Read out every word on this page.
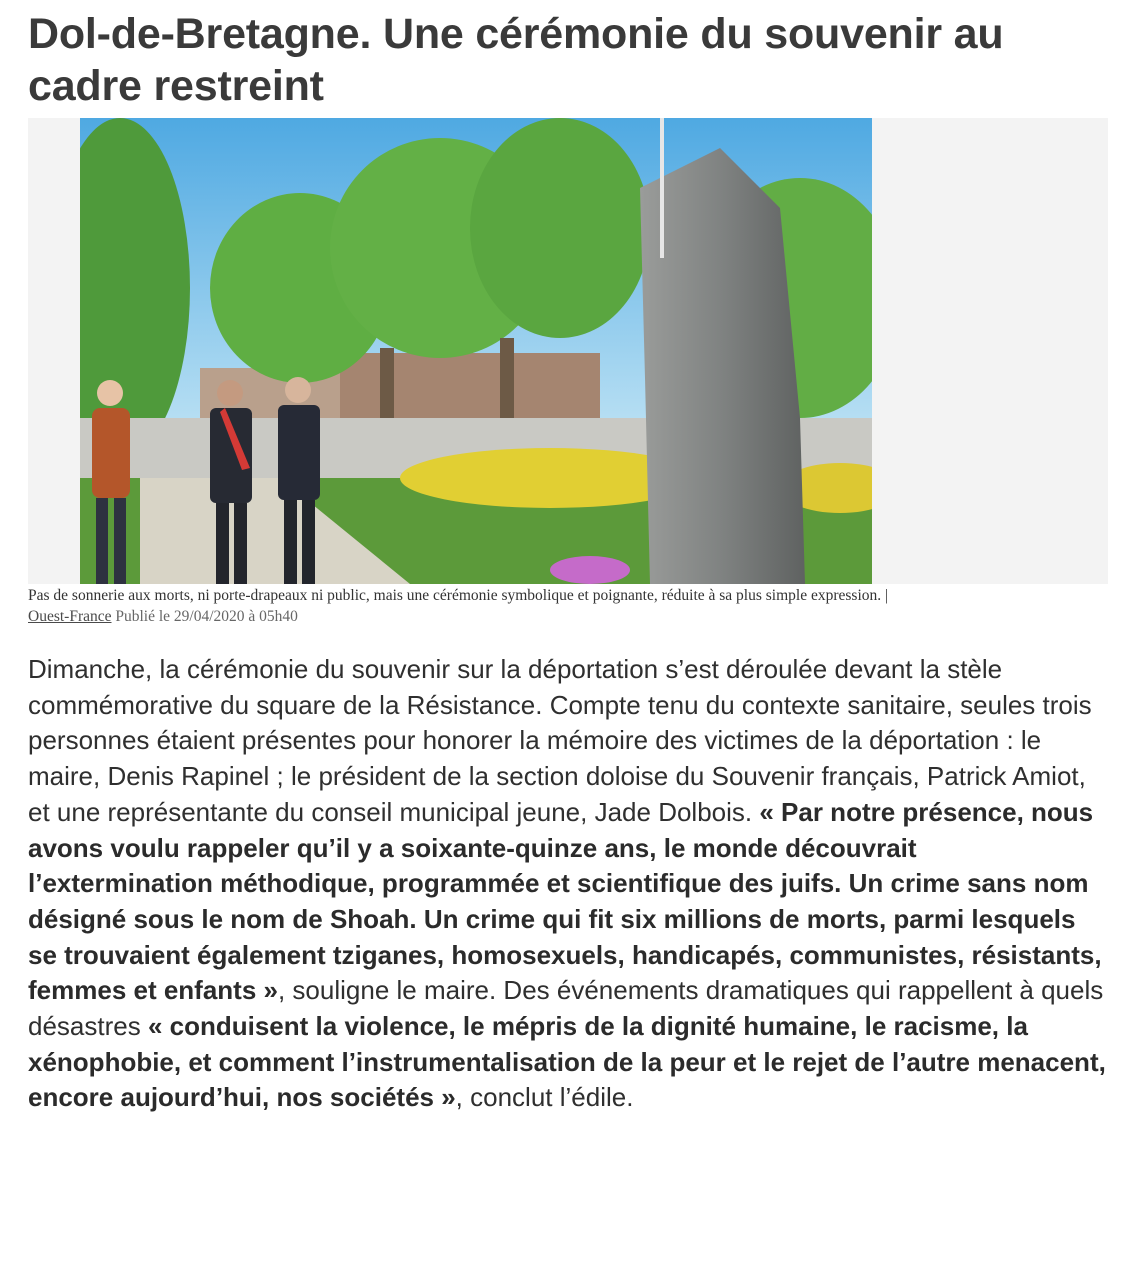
Dol-de-Bretagne. Une cérémonie du souvenir au cadre restreint

Pas de sonnerie aux morts, ni porte-drapeaux ni public, mais une cérémonie symbolique et poignante, réduite à sa plus simple expression. |

Ouest-France Publié le 29/04/2020 à 05h40

Dimanche, la cérémonie du souvenir sur la déportation s’est déroulée devant la stèle commémorative du square de la Résistance. Compte tenu du contexte sanitaire, seules trois personnes étaient présentes pour honorer la mémoire des victimes de la déportation : le maire, Denis Rapinel ; le président de la section doloise du Souvenir français, Patrick Amiot, et une représentante du conseil municipal jeune, Jade Dolbois. « Par notre présence, nous avons voulu rappeler qu’il y a soixante-quinze ans, le monde découvrait l’extermination méthodique, programmée et scientifique des juifs. Un crime sans nom désigné sous le nom de Shoah. Un crime qui fit six millions de morts, parmi lesquels se trouvaient également tziganes, homosexuels, handicapés, communistes, résistants, femmes et enfants », souligne le maire. Des événements dramatiques qui rappellent à quels désastres « conduisent la violence, le mépris de la dignité humaine, le racisme, la xénophobie, et comment l’instrumentalisation de la peur et le rejet de l’autre menacent, encore aujourd’hui, nos sociétés », conclut l’édile.
